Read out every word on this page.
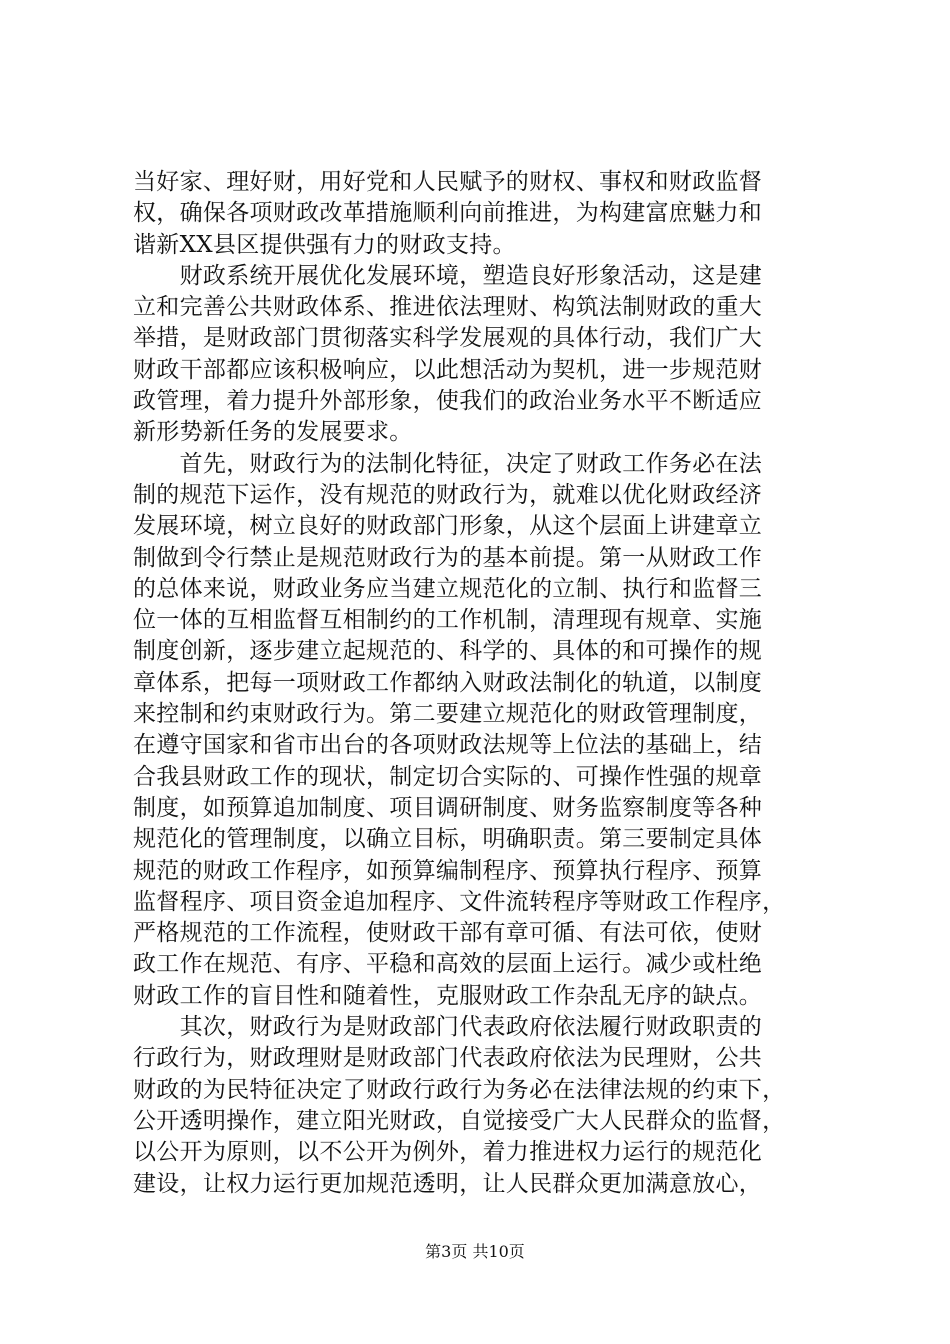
当好家、理好财，用好党和人民赋予的财权、事权和财政监督
权，确保各项财政改革措施顺利向前推进，为构建富庶魅力和
谐新XX县区提供强有力的财政支持。
　　财政系统开展优化发展环境，塑造良好形象活动，这是建
立和完善公共财政体系、推进依法理财、构筑法制财政的重大
举措，是财政部门贯彻落实科学发展观的具体行动，我们广大
财政干部都应该积极响应，以此想活动为契机，进一步规范财
政管理，着力提升外部形象，使我们的政治业务水平不断适应
新形势新任务的发展要求。
　　首先，财政行为的法制化特征，决定了财政工作务必在法
制的规范下运作，没有规范的财政行为，就难以优化财政经济
发展环境，树立良好的财政部门形象，从这个层面上讲建章立
制做到令行禁止是规范财政行为的基本前提。第一从财政工作
的总体来说，财政业务应当建立规范化的立制、执行和监督三
位一体的互相监督互相制约的工作机制，清理现有规章、实施
制度创新，逐步建立起规范的、科学的、具体的和可操作的规
章体系，把每一项财政工作都纳入财政法制化的轨道，以制度
来控制和约束财政行为。第二要建立规范化的财政管理制度，
在遵守国家和省市出台的各项财政法规等上位法的基础上，结
合我县财政工作的现状，制定切合实际的、可操作性强的规章
制度，如预算追加制度、项目调研制度、财务监察制度等各种
规范化的管理制度，以确立目标，明确职责。第三要制定具体
规范的财政工作程序，如预算编制程序、预算执行程序、预算
监督程序、项目资金追加程序、文件流转程序等财政工作程序，
严格规范的工作流程，使财政干部有章可循、有法可依，使财
政工作在规范、有序、平稳和高效的层面上运行。减少或杜绝
财政工作的盲目性和随着性，克服财政工作杂乱无序的缺点。
　　其次，财政行为是财政部门代表政府依法履行财政职责的
行政行为，财政理财是财政部门代表政府依法为民理财，公共
财政的为民特征决定了财政行政行为务必在法律法规的约束下，
公开透明操作，建立阳光财政，自觉接受广大人民群众的监督，
以公开为原则，以不公开为例外，着力推进权力运行的规范化
建设，让权力运行更加规范透明，让人民群众更加满意放心，
第3页 共10页
